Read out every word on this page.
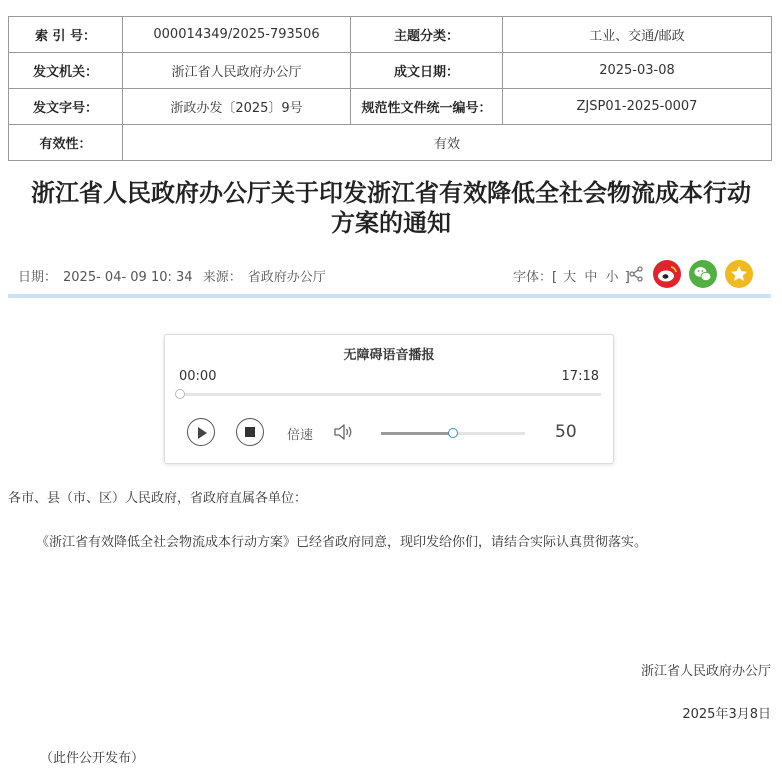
索 引 号：	000014349/2025-793506	主题分类：	工业、交通/邮政
发文机关：	浙江省人民政府办公厅	成文日期：	2025-03-08
发文字号：	浙政办发〔2025〕9号	规范性文件统一编号：	ZJSP01-2025-0007
有效性：	有效		
浙江省人民政府办公厅关于印发浙江省有效降低全社会物流成本行动
方案的通知
日期： 2025- 04- 09 10: 34 来源： 省政府办公厅	字体：[ 大 中 小 ]
无障碍语音播报
00:00	17:18
倍速	50
各市、县（市、区）人民政府，省政府直属各单位：
《浙江省有效降低全社会物流成本行动方案》已经省政府同意，现印发给你们，请结合实际认真贯彻落实。
浙江省人民政府办公厅
2025年3月8日
（此件公开发布）
